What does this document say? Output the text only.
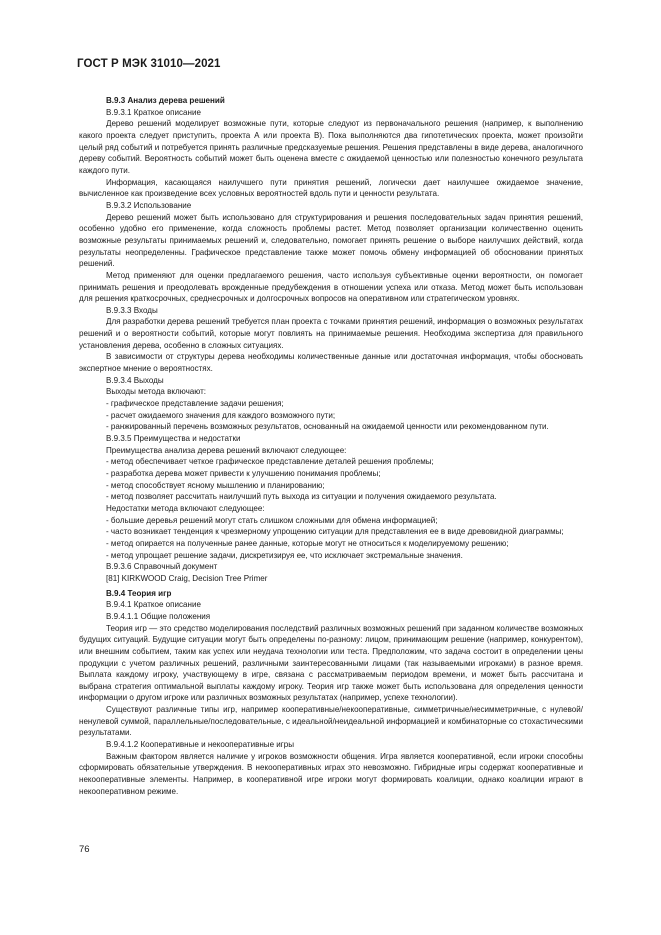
ГОСТ Р МЭК 31010—2021

B.9.3 Анализ дерева решений

B.9.3.1 Краткое описание

Дерево решений моделирует возможные пути, которые следуют из первоначального решения (например, к выполнению какого проекта следует приступить, проекта А или проекта В). Пока выполняются два гипотетических проекта, может произойти целый ряд событий и потребуется принять различные предсказуемые решения. Решения представлены в виде дерева, аналогичного дереву событий. Вероятность событий может быть оценена вместе с ожидаемой ценностью или полезностью конечного результата каждого пути.

Информация, касающаяся наилучшего пути принятия решений, логически дает наилучшее ожидаемое значение, вычисленное как произведение всех условных вероятностей вдоль пути и ценности результата.

B.9.3.2 Использование

Дерево решений может быть использовано для структурирования и решения последовательных задач принятия решений, особенно удобно его применение, когда сложность проблемы растет. Метод позволяет организации количественно оценить возможные результаты принимаемых решений и, следовательно, помогает принять решение о выборе наилучших действий, когда результаты неопределенны. Графическое представление также может помочь обмену информацией об обосновании принятых решений.

Метод применяют для оценки предлагаемого решения, часто используя субъективные оценки вероятности, он помогает принимать решения и преодолевать врожденные предубеждения в отношении успеха или отказа. Метод может быть использован для решения краткосрочных, среднесрочных и долгосрочных вопросов на оперативном или стратегическом уровнях.

B.9.3.3 Входы

Для разработки дерева решений требуется план проекта с точками принятия решений, информация о возможных результатах решений и о вероятности событий, которые могут повлиять на принимаемые решения. Необходима экспертиза для правильного установления дерева, особенно в сложных ситуациях.

В зависимости от структуры дерева необходимы количественные данные или достаточная информация, чтобы обосновать экспертное мнение о вероятностях.

B.9.3.4 Выходы

Выходы метода включают:

- графическое представление задачи решения;

- расчет ожидаемого значения для каждого возможного пути;

- ранжированный перечень возможных результатов, основанный на ожидаемой ценности или рекомендованном пути.

B.9.3.5 Преимущества и недостатки

Преимущества анализа дерева решений включают следующее:

- метод обеспечивает четкое графическое представление деталей решения проблемы;

- разработка дерева может привести к улучшению понимания проблемы;

- метод способствует ясному мышлению и планированию;

- метод позволяет рассчитать наилучший путь выхода из ситуации и получения ожидаемого результата.

Недостатки метода включают следующее:

- большие деревья решений могут стать слишком сложными для обмена информацией;

- часто возникает тенденция к чрезмерному упрощению ситуации для представления ее в виде древовидной диаграммы;

- метод опирается на полученные ранее данные, которые могут не относиться к моделируемому решению;

- метод упрощает решение задачи, дискретизируя ее, что исключает экстремальные значения.

B.9.3.6 Справочный документ

[81] KIRKWOOD Craig, Decision Tree Primer

B.9.4 Теория игр

B.9.4.1 Краткое описание

B.9.4.1.1 Общие положения

Теория игр — это средство моделирования последствий различных возможных решений при заданном количестве возможных будущих ситуаций. Будущие ситуации могут быть определены по-разному: лицом, принимающим решение (например, конкурентом), или внешним событием, таким как успех или неудача технологии или теста. Предположим, что задача состоит в определении цены продукции с учетом различных решений, различными заинтересованными лицами (так называемыми игроками) в разное время. Выплата каждому игроку, участвующему в игре, связана с рассматриваемым периодом времени, и может быть рассчитана и выбрана стратегия оптимальной выплаты каждому игроку. Теория игр также может быть использована для определения ценности информации о другом игроке или различных возможных результатах (например, успехе технологии).

Существуют различные типы игр, например кооперативные/некооперативные, симметричные/несимметричные, с нулевой/ненулевой суммой, параллельные/последовательные, с идеальной/неидеальной информацией и комбинаторные со стохастическими результатами.

B.9.4.1.2 Кооперативные и некооперативные игры

Важным фактором является наличие у игроков возможности общения. Игра является кооперативной, если игроки способны сформировать обязательные утверждения. В некооперативных играх это невозможно. Гибридные игры содержат кооперативные и некооперативные элементы. Например, в кооперативной игре игроки могут формировать коалиции, однако коалиции играют в некооперативном режиме.

76
